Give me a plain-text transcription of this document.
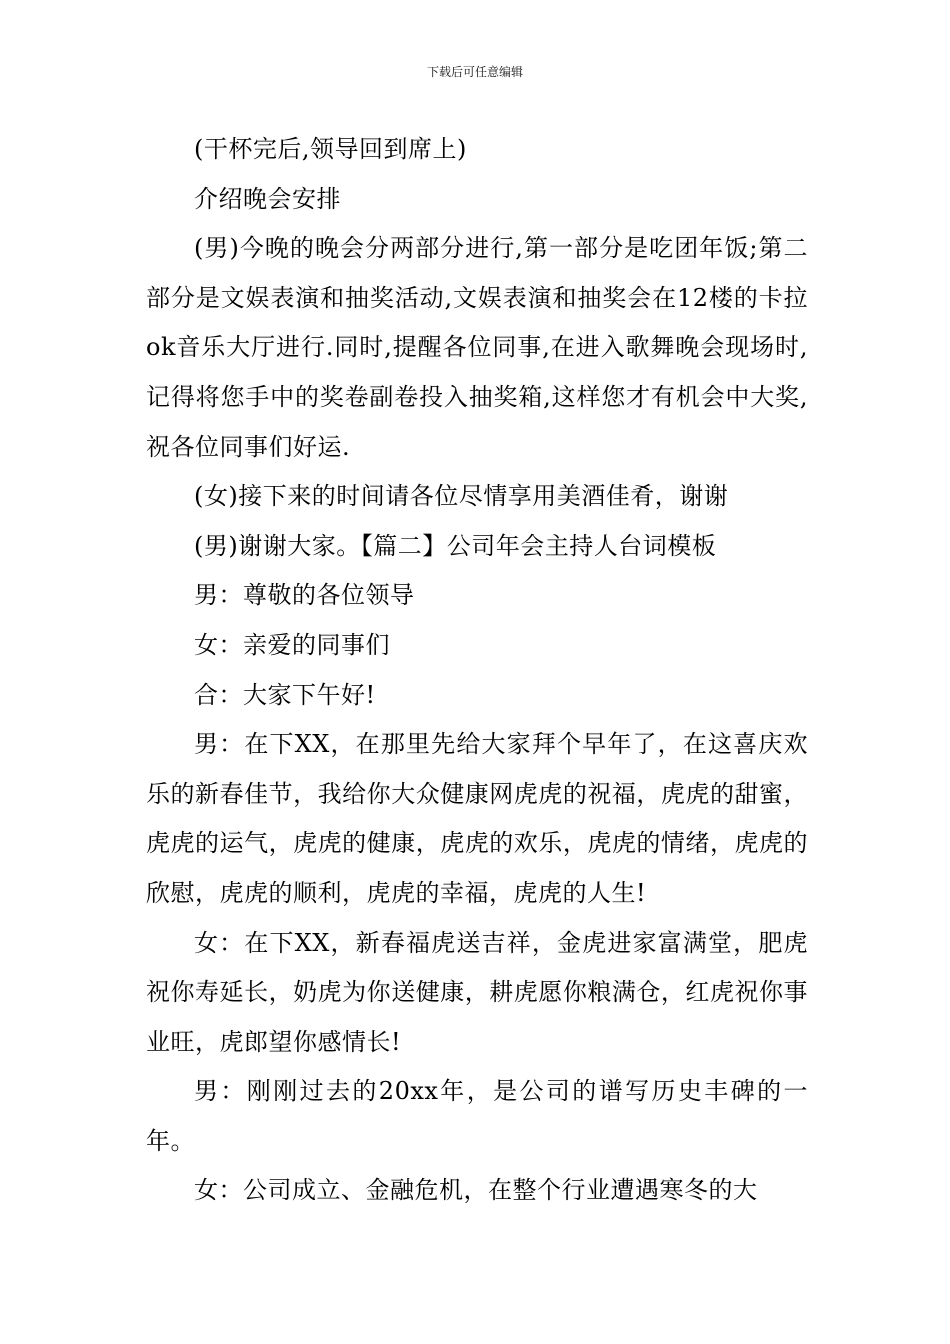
下载后可任意编辑

(干杯完后,领导回到席上)

介绍晚会安排

(男)今晚的晚会分两部分进行,第一部分是吃团年饭;第二部分是文娱表演和抽奖活动,文娱表演和抽奖会在12楼的卡拉ok音乐大厅进行.同时,提醒各位同事,在进入歌舞晚会现场时,记得将您手中的奖卷副卷投入抽奖箱,这样您才有机会中大奖,祝各位同事们好运.

(女)接下来的时间请各位尽情享用美酒佳肴，谢谢

(男)谢谢大家。【篇二】公司年会主持人台词模板

男：尊敬的各位领导

女：亲爱的同事们

合：大家下午好!

男：在下XX，在那里先给大家拜个早年了，在这喜庆欢乐的新春佳节，我给你大众健康网虎虎的祝福，虎虎的甜蜜，虎虎的运气，虎虎的健康，虎虎的欢乐，虎虎的情绪，虎虎的欣慰，虎虎的顺利，虎虎的幸福，虎虎的人生!

女：在下XX，新春福虎送吉祥，金虎进家富满堂，肥虎祝你寿延长，奶虎为你送健康，耕虎愿你粮满仓，红虎祝你事业旺，虎郎望你感情长!

男：刚刚过去的20xx年，是公司的谱写历史丰碑的一年。

女：公司成立、金融危机，在整个行业遭遇寒冬的大
